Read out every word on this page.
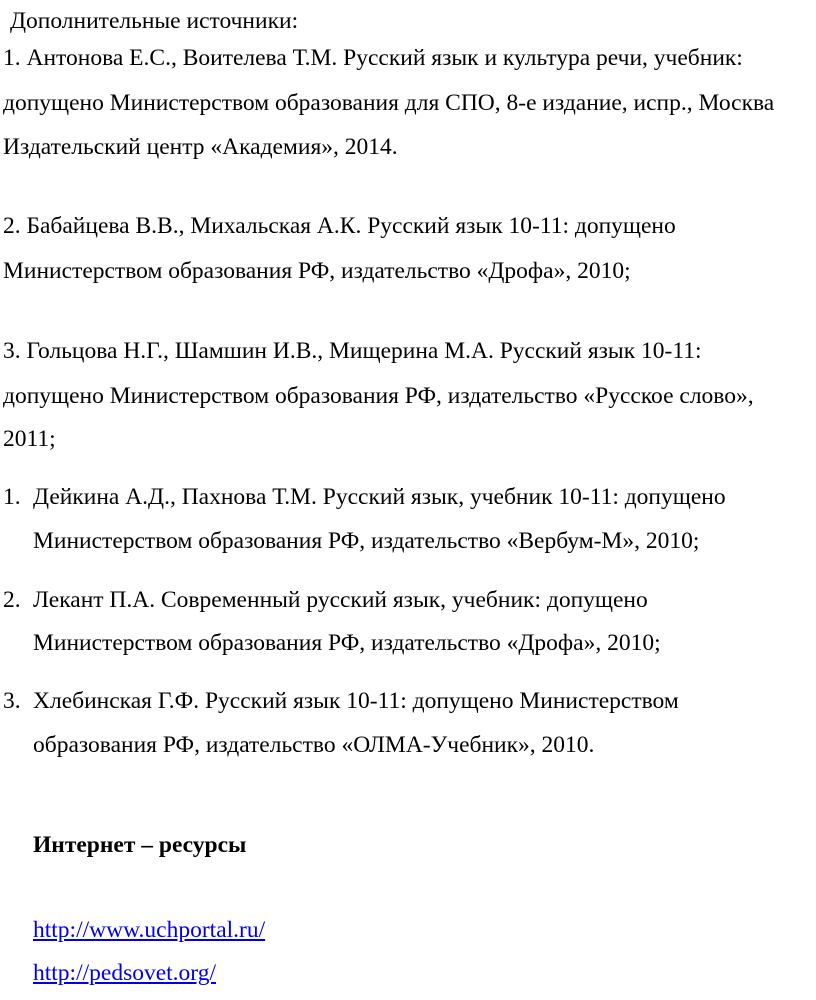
Дополнительные источники:
1. Антонова Е.С., Воителева Т.М. Русский язык и культура речи, учебник:
допущено Министерством образования для СПО, 8-е издание, испр., Москва
Издательский центр «Академия», 2014.
2. Бабайцева В.В., Михальская А.К. Русский язык 10-11: допущено
Министерством образования РФ, издательство «Дрофа», 2010;
3. Гольцова Н.Г., Шамшин И.В., Мищерина М.А. Русский язык 10-11:
допущено Министерством образования РФ, издательство «Русское слово»,
2011;
1. Дейкина А.Д., Пахнова Т.М. Русский язык, учебник 10-11: допущено
Министерством образования РФ, издательство «Вербум-М», 2010;
2. Лекант П.А. Современный русский язык, учебник: допущено
Министерством образования РФ, издательство «Дрофа», 2010;
3. Хлебинская Г.Ф. Русский язык 10-11: допущено Министерством
образования РФ, издательство «ОЛМА-Учебник», 2010.
Интернет – ресурсы
http://www.uchportal.ru/
http://pedsovet.org/
